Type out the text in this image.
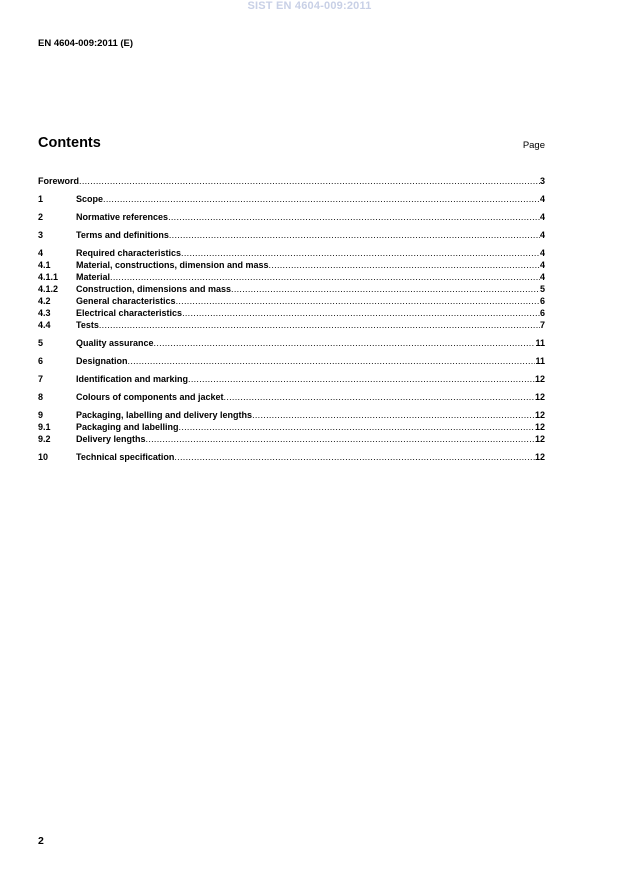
SIST EN 4604-009:2011
EN 4604-009:2011 (E)
Contents	Page
Foreword .....	3
1	Scope .....	4
2	Normative references .....	4
3	Terms and definitions .....	4
4	Required characteristics .....	4
4.1	Material, constructions, dimension and mass .....	4
4.1.1	Material .....	4
4.1.2	Construction, dimensions and mass .....	5
4.2	General characteristics .....	6
4.3	Electrical characteristics .....	6
4.4	Tests .....	7
5	Quality assurance .....	11
6	Designation .....	11
7	Identification and marking .....	12
8	Colours of components and jacket .....	12
9	Packaging, labelling and delivery lengths .....	12
9.1	Packaging and labelling .....	12
9.2	Delivery lengths .....	12
10	Technical specification .....	12
2
